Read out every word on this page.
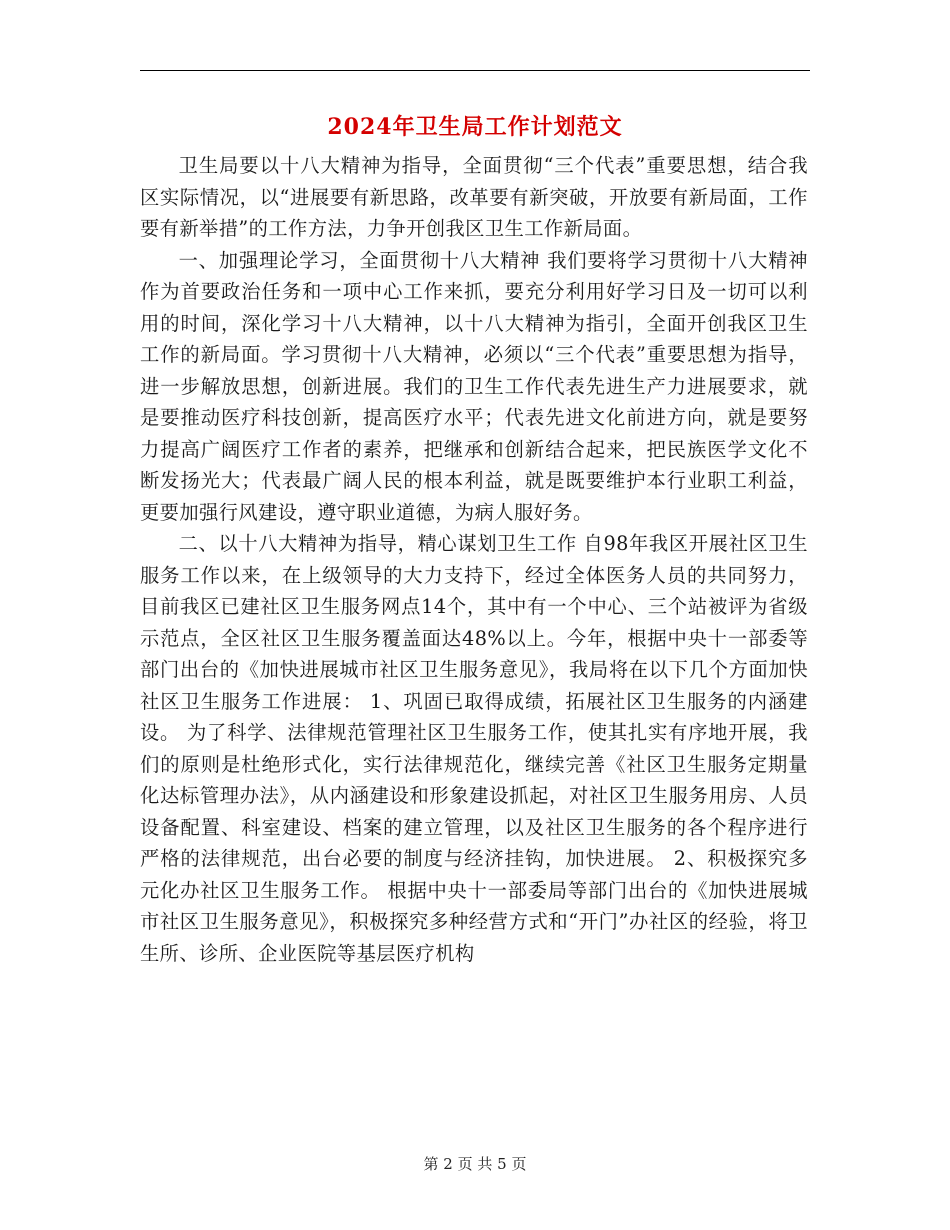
2024年卫生局工作计划范文

卫生局要以十八大精神为指导，全面贯彻“三个代表”重要思想，结合我区实际情况，以“进展要有新思路，改革要有新突破，开放要有新局面，工作要有新举措”的工作方法，力争开创我区卫生工作新局面。

一、加强理论学习，全面贯彻十八大精神 我们要将学习贯彻十八大精神作为首要政治任务和一项中心工作来抓，要充分利用好学习日及一切可以利用的时间，深化学习十八大精神，以十八大精神为指引，全面开创我区卫生工作的新局面。学习贯彻十八大精神，必须以“三个代表”重要思想为指导，进一步解放思想，创新进展。我们的卫生工作代表先进生产力进展要求，就是要推动医疗科技创新，提高医疗水平；代表先进文化前进方向，就是要努力提高广阔医疗工作者的素养，把继承和创新结合起来，把民族医学文化不断发扬光大；代表最广阔人民的根本利益，就是既要维护本行业职工利益，更要加强行风建设，遵守职业道德，为病人服好务。

二、以十八大精神为指导，精心谋划卫生工作 自98年我区开展社区卫生服务工作以来，在上级领导的大力支持下，经过全体医务人员的共同努力，目前我区已建社区卫生服务网点14个，其中有一个中心、三个站被评为省级示范点，全区社区卫生服务覆盖面达48%以上。今年，根据中央十一部委等部门出台的《加快进展城市社区卫生服务意见》，我局将在以下几个方面加快社区卫生服务工作进展： 1、巩固已取得成绩，拓展社区卫生服务的内涵建设。 为了科学、法律规范管理社区卫生服务工作，使其扎实有序地开展，我们的原则是杜绝形式化，实行法律规范化，继续完善《社区卫生服务定期量化达标管理办法》，从内涵建设和形象建设抓起，对社区卫生服务用房、人员设备配置、科室建设、档案的建立管理，以及社区卫生服务的各个程序进行严格的法律规范，出台必要的制度与经济挂钩，加快进展。 2、积极探究多元化办社区卫生服务工作。 根据中央十一部委局等部门出台的《加快进展城市社区卫生服务意见》，积极探究多种经营方式和“开门”办社区的经验，将卫生所、诊所、企业医院等基层医疗机构

第 2 页 共 5 页
